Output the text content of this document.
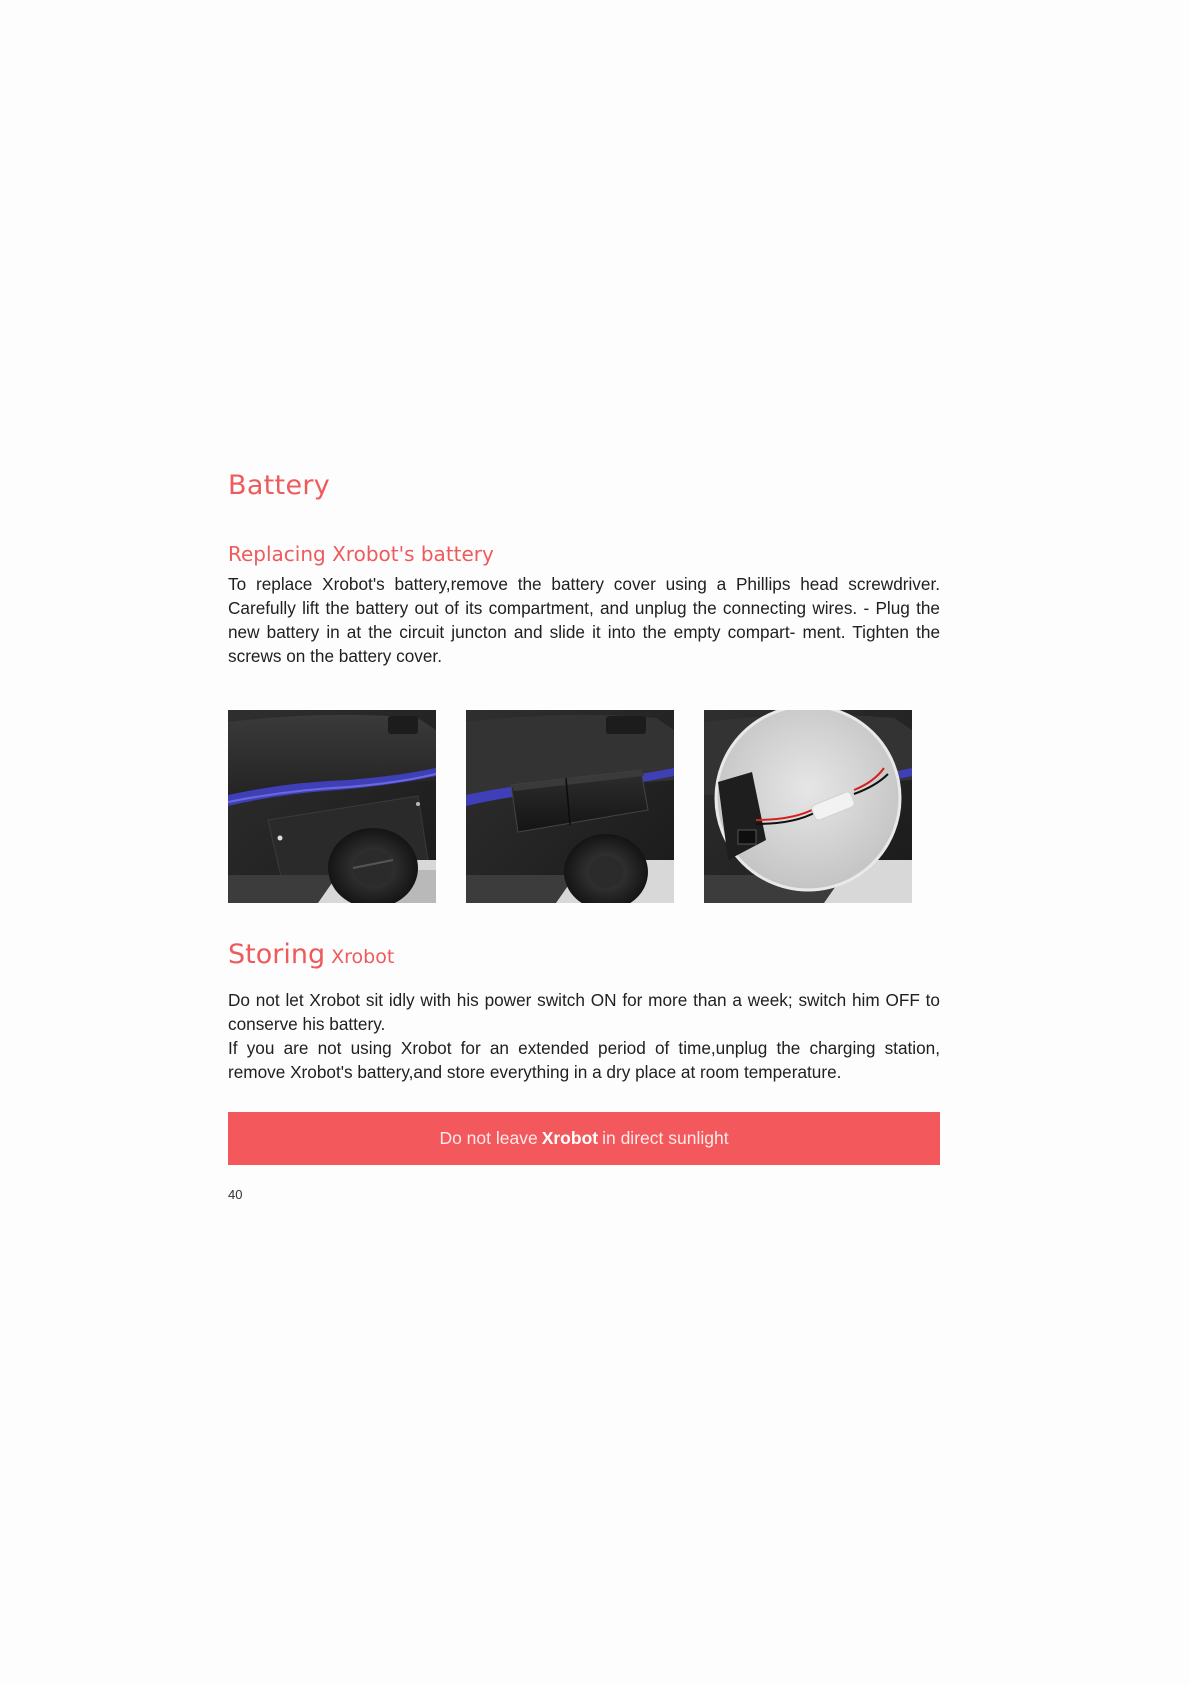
Battery
Replacing Xrobot's battery

To replace Xrobot's battery,remove the battery cover using a Phillips head screwdriver. Carefully lift the battery out of its compartment, and unplug the connecting wires. - Plug the new battery in at the circuit juncton and slide it into the empty compart- ment. Tighten the screws on the battery cover.

Storing Xrobot

Do not let Xrobot sit idly with his power switch ON for more than a week; switch him OFF to conserve his battery.

If you are not using Xrobot for an extended period of time,unplug the charging station, remove Xrobot's battery,and store everything in a dry place at room temperature.

Do not leave Xrobot in direct sunlight
40
